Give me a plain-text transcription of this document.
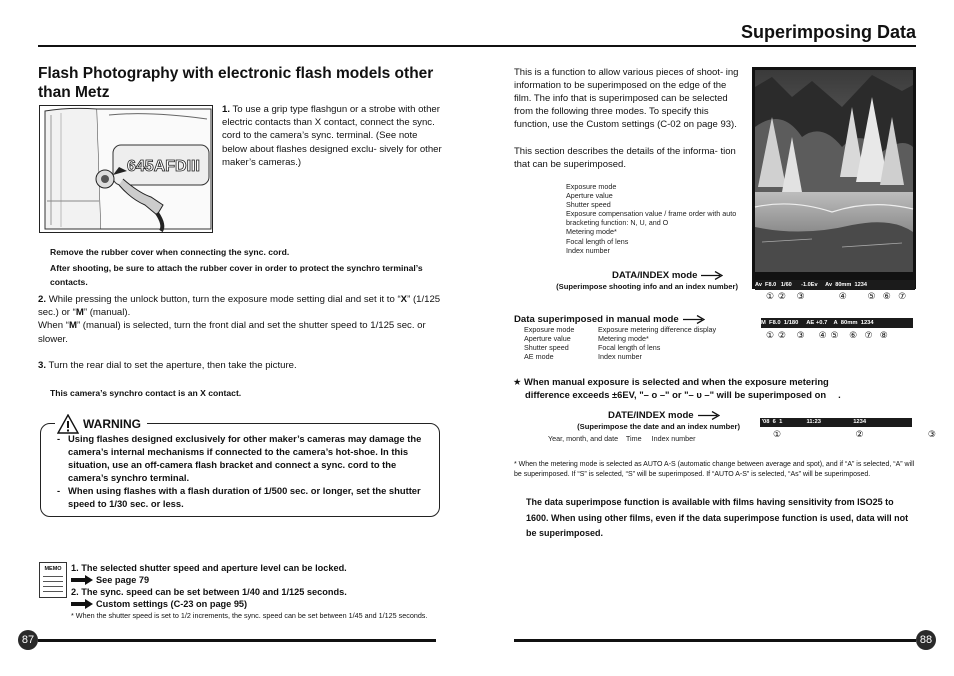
Superimposing Data
Flash Photography with electronic flash models other than Metz
645AFDIII
1. To use a grip type flashgun or a strobe with other electric contacts than X contact, connect the sync. cord to the camera’s sync. terminal. (See note below about flashes designed exclu- sively for other maker’s cameras.)
Remove the rubber cover when connecting the sync. cord.
After shooting, be sure to attach the rubber cover in order to protect the synchro terminal’s contacts.
2. While pressing the unlock button, turn the exposure mode setting dial and set it to “X” (1/125 sec.) or “M” (manual).
When “M” (manual) is selected, turn the front dial and set the shutter speed to 1/125 sec. or slower.
3. Turn the rear dial to set the aperture, then take the picture.
This camera’s synchro contact is an X contact.
WARNING
- Using flashes designed exclusively for other maker’s cameras may damage the camera’s internal mechanisms if connected to the camera’s hot-shoe. In this situation, use an off-camera flash bracket and connect a sync. cord to the camera’s synchro terminal.
- When using flashes with a flash duration of 1/500 sec. or longer, set the shutter speed to 1/30 sec. or less.
MEMO	1. The selected shutter speed and aperture level can be locked.
See page 79
2. The sync. speed can be set between 1/40 and 1/125 seconds.
Custom settings (C-23 on page 95)
* When the shutter speed is set to 1/2 increments, the sync. speed can be set between 1/45 and 1/125 seconds.
87	88
This is a function to allow various pieces of shoot- ing information to be superimposed on the edge of the film. The info that is superimposed can be selected from the following three modes. To specify this function, use the Custom settings (C-02 on page 93).
This section describes the details of the informa- tion that can be superimposed.
Av  F8.0   1/60      -1.0Ev     Av  80mm  1234
Exposure mode
Aperture value
Shutter speed
Exposure compensation value / frame order with auto bracketing function: N, U, and O
Metering mode*
Focal length of lens
Index number
DATA/INDEX mode
(Superimpose shooting info and an index number)
① ②   ③          ④      ⑤  ⑥  ⑦
Data superimposed in manual mode
Exposure mode
Aperture value
Shutter speed
AE mode
Exposure metering difference display
Metering mode*
Focal length of lens
Index number
M  F8.0  1/180     AE +0.7    A  80mm  1234
① ②   ③    ④ ⑤   ⑥  ⑦  ⑧
★ When manual exposure is selected and when the exposure metering
difference exceeds ±6EV, "– ᴏ –" or "– ᴜ –" will be superimposed on .
DATE/INDEX mode
(Superimpose the date and an index number)
Year, month, and date    Time     Index number
'08  6  1               11:23                    1234
①                      ②                   ③
* When the metering mode is selected as AUTO A-S (automatic change between average and spot), and if “A” is selected, “A” will be superimposed. If “S” is selected, “S” will be superimposed. If “AUTO A-S” is selected, “As” will be superimposed.
The data superimpose function is available with films having sensitivity from ISO25 to 1600. When using other films, even if the data superimpose function is used, data will not be superimposed.
